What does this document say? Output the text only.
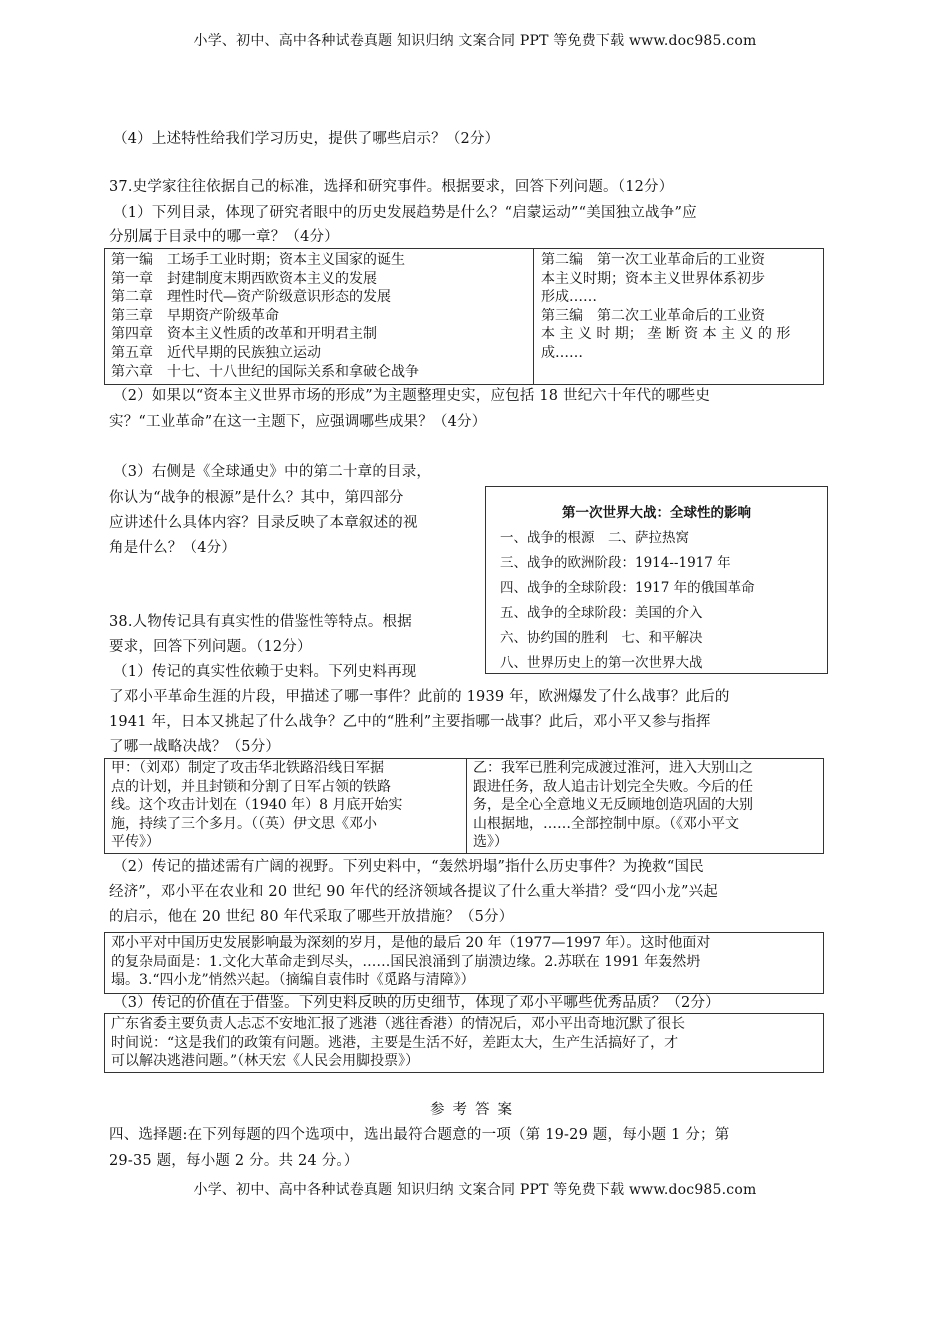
小学、初中、高中各种试卷真题 知识归纳 文案合同 PPT 等免费下载 www.doc985.com
（4）上述特性给我们学习历史，提供了哪些启示？（2分）
37.史学家往往依据自己的标准，选择和研究事件。根据要求，回答下列问题。（12分）
（1）下列目录，体现了研究者眼中的历史发展趋势是什么？“启蒙运动”“美国独立战争”应
分别属于目录中的哪一章？（4分）
第一编　工场手工业时期；资本主义国家的诞生
第一章　封建制度末期西欧资本主义的发展
第二章　理性时代—资产阶级意识形态的发展
第三章　早期资产阶级革命
第四章　资本主义性质的改革和开明君主制
第五章　近代早期的民族独立运动
第六章　十七、十八世纪的国际关系和拿破仑战争
第二编　第一次工业革命后的工业资
本主义时期；资本主义世界体系初步
形成……
第三编　第二次工业革命后的工业资
本 主 义 时 期； 垄 断 资 本 主 义 的 形
成……
（2）如果以“资本主义世界市场的形成”为主题整理史实，应包括 18 世纪六十年代的哪些史
实？“工业革命”在这一主题下，应强调哪些成果？（4分）
（3）右侧是《全球通史》中的第二十章的目录，
你认为“战争的根源”是什么？其中，第四部分
应讲述什么具体内容？目录反映了本章叙述的视
角是什么？（4分）
第一次世界大战：全球性的影响
一、战争的根源　二、萨拉热窝
三、战争的欧洲阶段：1914--1917 年
四、战争的全球阶段：1917 年的俄国革命
五、战争的全球阶段：美国的介入
六、协约国的胜利　七、和平解决
八、世界历史上的第一次世界大战
38.人物传记具有真实性的借鉴性等特点。根据
要求，回答下列问题。（12分）
（1）传记的真实性依赖于史料。下列史料再现
了邓小平革命生涯的片段，甲描述了哪一事件？此前的 1939 年，欧洲爆发了什么战事？此后的
1941 年，日本又挑起了什么战争？乙中的“胜利”主要指哪一战事？此后，邓小平又参与指挥
了哪一战略决战？（5分）
甲：（刘邓）制定了攻击华北铁路沿线日军据
点的计划，并且封锁和分割了日军占领的铁路
线。这个攻击计划在（1940 年）8 月底开始实
施，持续了三个多月。（（英）伊文思《邓小
平传》）
乙：我军已胜利完成渡过淮河，进入大别山之
跟进任务，敌人追击计划完全失败。今后的任
务，是全心全意地义无反顾地创造巩固的大别
山根据地，……全部控制中原。（《邓小平文
选》）
（2）传记的描述需有广阔的视野。下列史料中，“轰然坍塌”指什么历史事件？为挽救“国民
经济”，邓小平在农业和 20 世纪 90 年代的经济领域各提议了什么重大举措？受“四小龙”兴起
的启示，他在 20 世纪 80 年代采取了哪些开放措施？（5分）
邓小平对中国历史发展影响最为深刻的岁月，是他的最后 20 年（1977—1997 年）。这时他面对
的复杂局面是：1.文化大革命走到尽头，……国民浪涌到了崩溃边缘。2.苏联在 1991 年轰然坍
塌。3.“四小龙”悄然兴起。（摘编自袁伟时《觅路与清障》）
（3）传记的价值在于借鉴。下列史料反映的历史细节，体现了邓小平哪些优秀品质？（2分）
广东省委主要负责人忐忑不安地汇报了逃港（逃往香港）的情况后，邓小平出奇地沉默了很长
时间说：“这是我们的政策有问题。逃港，主要是生活不好，差距太大，生产生活搞好了，才
可以解决逃港问题。”（林天宏《人民会用脚投票》）
参考答案
四、选择题:在下列每题的四个选项中，选出最符合题意的一项（第 19-29 题，每小题 1 分；第
29-35 题，每小题 2 分。共 24 分。）
小学、初中、高中各种试卷真题 知识归纳 文案合同 PPT 等免费下载 www.doc985.com
